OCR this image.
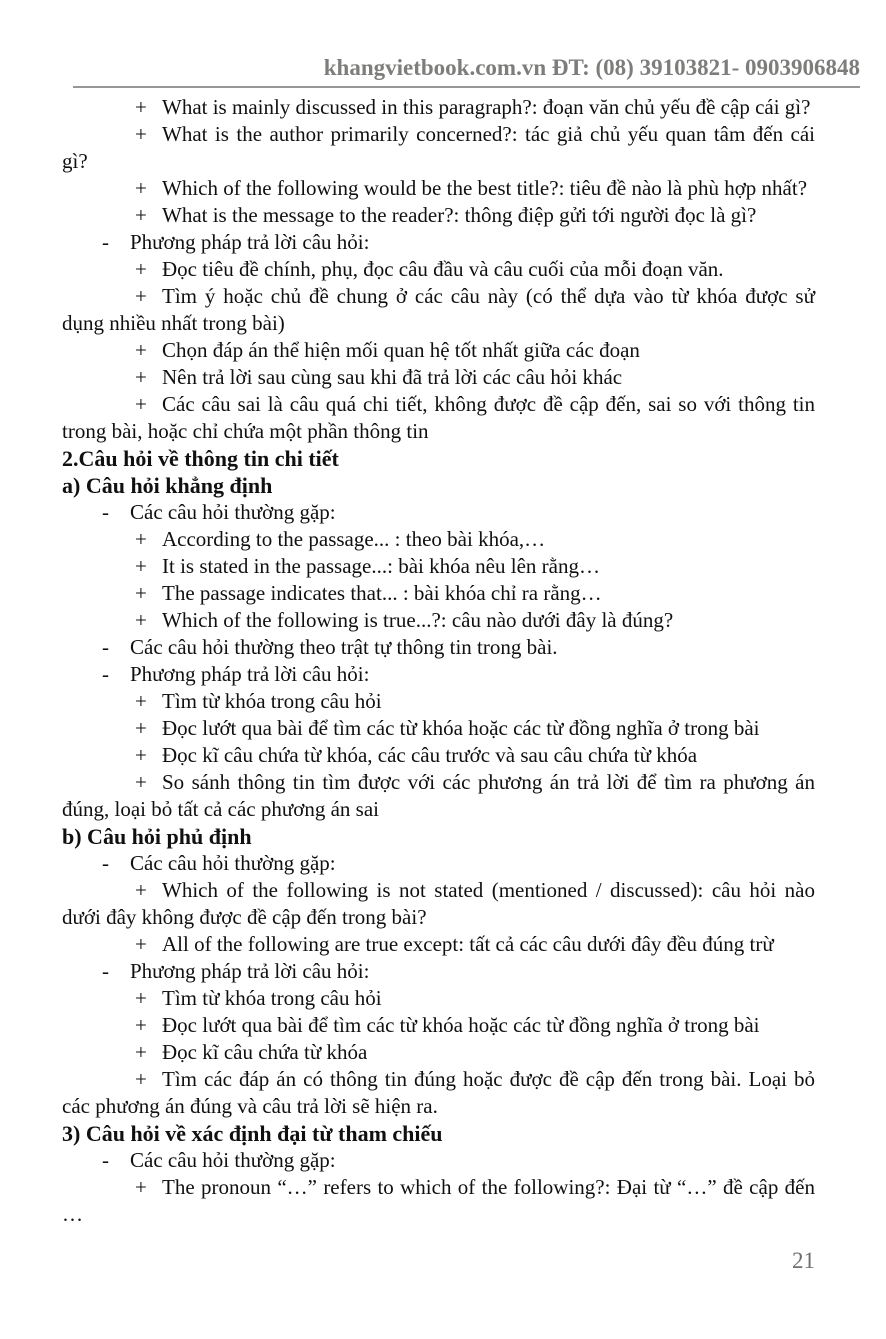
khangvietbook.com.vn ĐT: (08) 39103821- 0903906848

+ What is mainly discussed in this paragraph?: đoạn văn chủ yếu đề cập cái gì?

+ What is the author primarily concerned?: tác giả chủ yếu quan tâm đến cái gì?

+ Which of the following would be the best title?: tiêu đề nào là phù hợp nhất?

+ What is the message to the reader?: thông điệp gửi tới người đọc là gì?

- Phương pháp trả lời câu hỏi:

+ Đọc tiêu đề chính, phụ, đọc câu đầu và câu cuối của mỗi đoạn văn.

+ Tìm ý hoặc chủ đề chung ở các câu này (có thể dựa vào từ khóa được sử dụng nhiều nhất trong bài)

+ Chọn đáp án thể hiện mối quan hệ tốt nhất giữa các đoạn

+ Nên trả lời sau cùng sau khi đã trả lời các câu hỏi khác

+ Các câu sai là câu quá chi tiết, không được đề cập đến, sai so với thông tin trong bài, hoặc chỉ chứa một phần thông tin

2.Câu hỏi về thông tin chi tiết

a) Câu hỏi khẳng định

- Các câu hỏi thường gặp:

+ According to the passage... : theo bài khóa,…

+ It is stated in the passage...: bài khóa nêu lên rằng…

+ The passage indicates that... : bài khóa chỉ ra rằng…

+ Which of the following is true...?: câu nào dưới đây là đúng?

- Các câu hỏi thường theo trật tự thông tin trong bài.

- Phương pháp trả lời câu hỏi:

+ Tìm từ khóa trong câu hỏi

+ Đọc lướt qua bài để tìm các từ khóa hoặc các từ đồng nghĩa ở trong bài

+ Đọc kĩ câu chứa từ khóa, các câu trước và sau câu chứa từ khóa

+ So sánh thông tin tìm được với các phương án trả lời để tìm ra phương án đúng, loại bỏ tất cả các phương án sai

b) Câu hỏi phủ định

- Các câu hỏi thường gặp:

+ Which of the following is not stated (mentioned / discussed): câu hỏi nào dưới đây không được đề cập đến trong bài?

+ All of the following are true except: tất cả các câu dưới đây đều đúng trừ

- Phương pháp trả lời câu hỏi:

+ Tìm từ khóa trong câu hỏi

+ Đọc lướt qua bài để tìm các từ khóa hoặc các từ đồng nghĩa ở trong bài

+ Đọc kĩ câu chứa từ khóa

+ Tìm các đáp án có thông tin đúng hoặc được đề cập đến trong bài. Loại bỏ các phương án đúng và câu trả lời sẽ hiện ra.

3) Câu hỏi về xác định đại từ tham chiếu

- Các câu hỏi thường gặp:

+ The pronoun “…” refers to which of the following?: Đại từ “…” đề cập đến …

21
